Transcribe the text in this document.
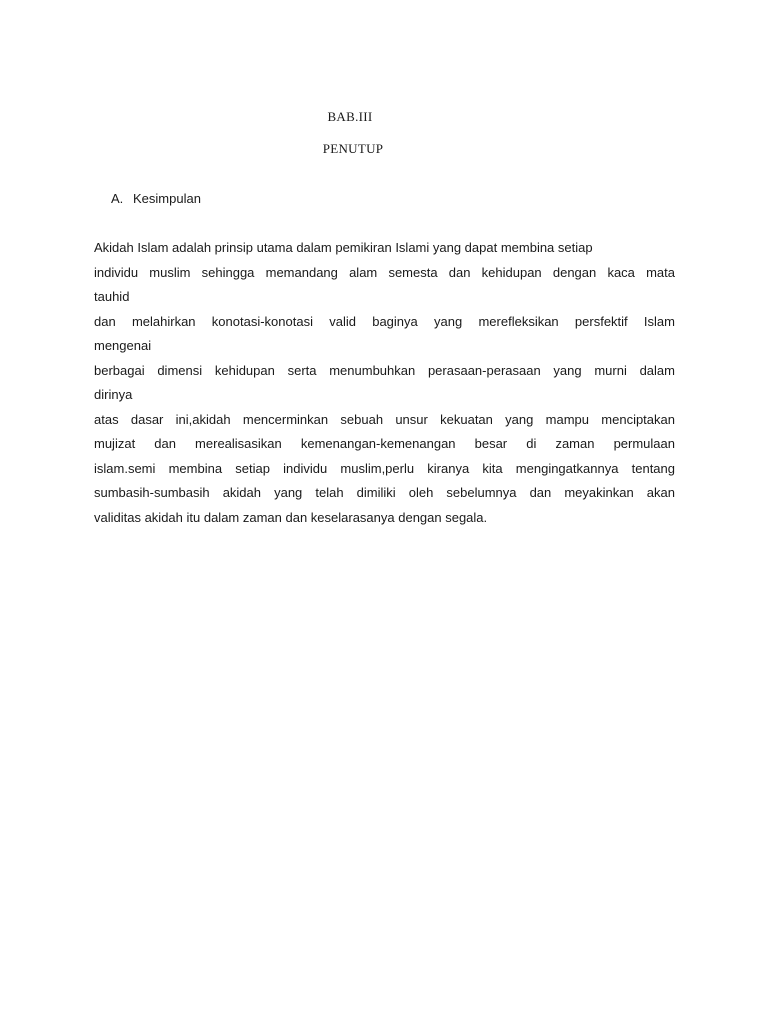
BAB.III
PENUTUP
A. Kesimpulan
Akidah Islam adalah prinsip utama dalam pemikiran Islami yang dapat membina setiap
individu muslim sehingga memandang alam semesta dan kehidupan dengan kaca mata
tauhid
dan melahirkan konotasi-konotasi valid baginya yang merefleksikan persfektif Islam
mengenai
berbagai dimensi kehidupan serta menumbuhkan perasaan-perasaan yang murni dalam
dirinya
atas dasar ini,akidah mencerminkan sebuah unsur kekuatan yang mampu menciptakan
mujizat dan merealisasikan kemenangan-kemenangan besar di zaman permulaan
islam.semi membina setiap individu muslim,perlu kiranya kita mengingatkannya tentang
sumbasih-sumbasih akidah yang telah dimiliki oleh sebelumnya dan meyakinkan akan
validitas akidah itu dalam zaman dan keselarasanya dengan segala.
